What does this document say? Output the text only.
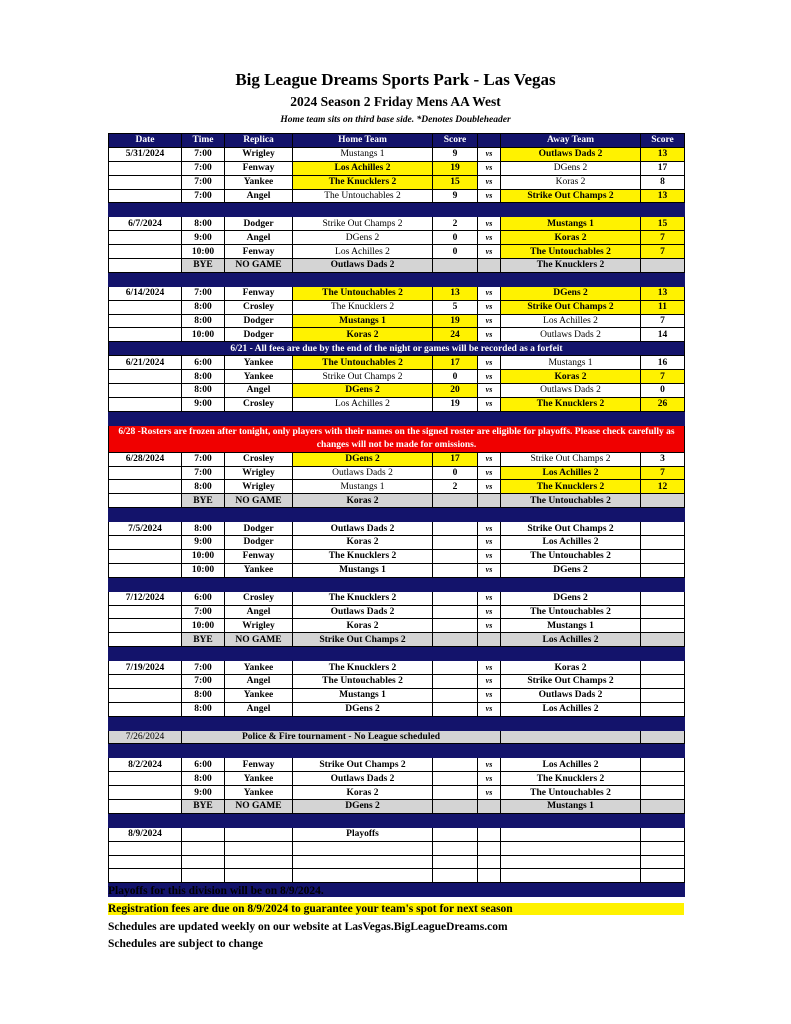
Big League Dreams Sports Park - Las Vegas
2024 Season 2 Friday Mens AA West
Home team sits on third base side. *Denotes Doubleheader
Date	Time	Replica	Home Team	Score		Away Team	Score
5/31/2024	7:00	Wrigley	Mustangs 1	9	vs	Outlaws Dads 2	13
	7:00	Fenway	Los Achilles 2	19	vs	DGens 2	17
	7:00	Yankee	The Knucklers 2	15	vs	Koras 2	8
	7:00	Angel	The Untouchables 2	9	vs	Strike Out Champs 2	13

6/7/2024	8:00	Dodger	Strike Out Champs 2	2	vs	Mustangs 1	15
	9:00	Angel	DGens 2	0	vs	Koras 2	7
	10:00	Fenway	Los Achilles 2	0	vs	The Untouchables 2	7
	BYE	NO GAME	Outlaws Dads 2			The Knucklers 2	

6/14/2024	7:00	Fenway	The Untouchables 2	13	vs	DGens 2	13
	8:00	Crosley	The Knucklers 2	5	vs	Strike Out Champs 2	11
	8:00	Dodger	Mustangs 1	19	vs	Los Achilles 2	7
	10:00	Dodger	Koras 2	24	vs	Outlaws Dads 2	14
6/21 - All fees are due by the end of the night or games will be recorded as a forfeit							
6/21/2024	6:00	Yankee	The Untouchables 2	17	vs	Mustangs 1	16
	8:00	Yankee	Strike Out Champs 2	0	vs	Koras 2	7
	8:00	Angel	DGens 2	20	vs	Outlaws Dads 2	0
	9:00	Crosley	Los Achilles 2	19	vs	The Knucklers 2	26

6/28 -Rosters are frozen after tonight, only players with their names on the signed roster are eligible for playoffs. Please check carefully as changes will not be made for omissions.							
6/28/2024	7:00	Crosley	DGens 2	17	vs	Strike Out Champs 2	3
	7:00	Wrigley	Outlaws Dads 2	0	vs	Los Achilles 2	7
	8:00	Wrigley	Mustangs 1	2	vs	The Knucklers 2	12
	BYE	NO GAME	Koras 2			The Untouchables 2	

7/5/2024	8:00	Dodger	Outlaws Dads 2		vs	Strike Out Champs 2	
	9:00	Dodger	Koras 2		vs	Los Achilles 2	
	10:00	Fenway	The Knucklers 2		vs	The Untouchables 2	
	10:00	Yankee	Mustangs 1		vs	DGens 2	

7/12/2024	6:00	Crosley	The Knucklers 2		vs	DGens 2	
	7:00	Angel	Outlaws Dads 2		vs	The Untouchables 2	
	10:00	Wrigley	Koras 2		vs	Mustangs 1	
	BYE	NO GAME	Strike Out Champs 2			Los Achilles 2	

7/19/2024	7:00	Yankee	The Knucklers 2		vs	Koras 2	
	7:00	Angel	The Untouchables 2		vs	Strike Out Champs 2	
	8:00	Yankee	Mustangs 1		vs	Outlaws Dads 2	
	8:00	Angel	DGens 2		vs	Los Achilles 2	

7/26/2024	Police & Fire tournament - No League scheduled						

8/2/2024	6:00	Fenway	Strike Out Champs 2		vs	Los Achilles 2	
	8:00	Yankee	Outlaws Dads 2		vs	The Knucklers 2	
	9:00	Yankee	Koras 2		vs	The Untouchables 2	
	BYE	NO GAME	DGens 2			Mustangs 1	

8/9/2024			Playoffs				

Playoffs for this division will be on 8/9/2024.
Registration fees are due on 8/9/2024 to guarantee your team's spot for next season
Schedules are updated weekly on our website at LasVegas.BigLeagueDreams.com
Schedules are subject to change
